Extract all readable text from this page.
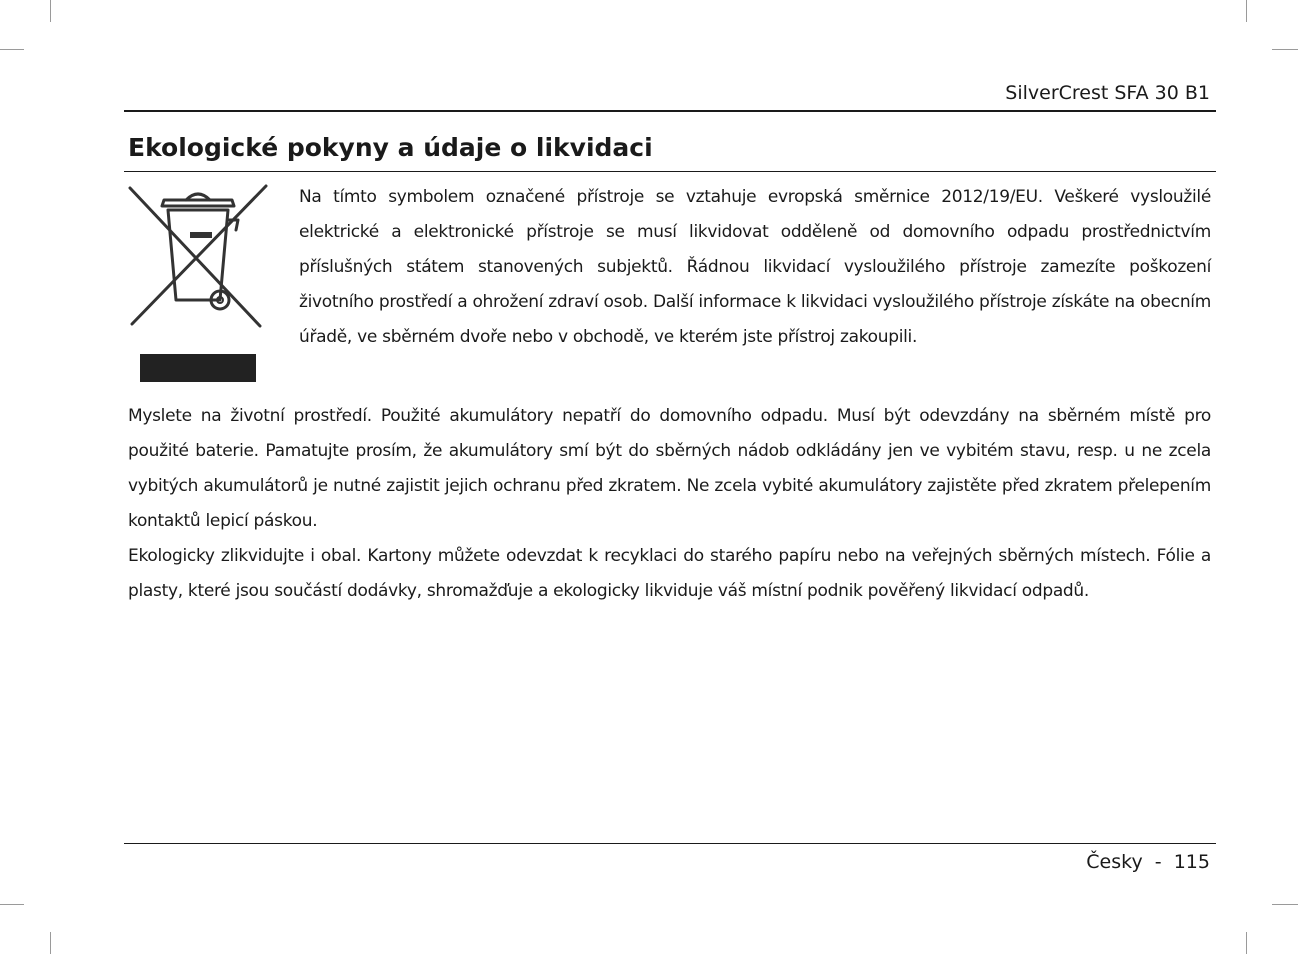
SilverCrest SFA 30 B1
Ekologické pokyny a údaje o likvidaci

Na tímto symbolem označené přístroje se vztahuje evropská směrnice 2012/19/EU. Veškeré vysloužilé elektrické a elektronické přístroje se musí likvidovat odděleně od domovního odpadu prostřednictvím příslušných státem stanovených subjektů. Řádnou likvidací vysloužilého přístroje zamezíte poškození životního prostředí a ohrožení zdraví osob. Další informace k likvidaci vysloužilého přístroje získáte na obecním úřadě, ve sběrném dvoře nebo v obchodě, ve kterém jste přístroj zakoupili.

Myslete na životní prostředí. Použité akumulátory nepatří do domovního odpadu. Musí být odevzdány na sběrném místě pro použité baterie. Pamatujte prosím, že akumulátory smí být do sběrných nádob odkládány jen ve vybitém stavu, resp. u ne zcela vybitých akumulátorů je nutné zajistit jejich ochranu před zkratem. Ne zcela vybité akumulátory zajistěte před zkratem přelepením kontaktů lepicí páskou.

Ekologicky zlikvidujte i obal. Kartony můžete odevzdat k recyklaci do starého papíru nebo na veřejných sběrných místech. Fólie a plasty, které jsou součástí dodávky, shromažďuje a ekologicky likviduje váš místní podnik pověřený likvidací odpadů.

Česky  -  115
